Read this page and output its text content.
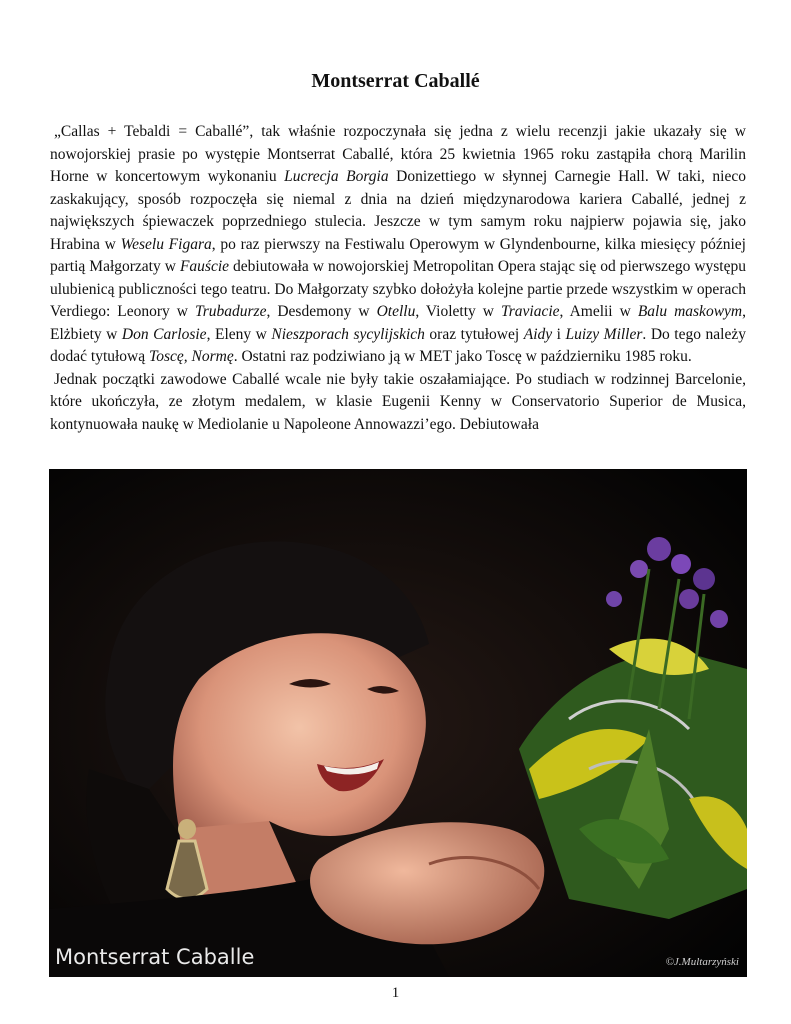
Montserrat Caballé

„Callas + Tebaldi = Caballé”, tak właśnie rozpoczynała się jedna z wielu recenzji jakie ukazały się w nowojorskiej prasie po występie Montserrat Caballé, która 25 kwietnia 1965 roku zastąpiła chorą Marilin Horne w koncertowym wykonaniu Lucrecja Borgia Donizettiego w słynnej Carnegie Hall. W taki, nieco zaskakujący, sposób rozpoczęła się niemal z dnia na dzień międzynarodowa kariera Caballé, jednej z największych śpiewaczek poprzedniego stulecia. Jeszcze w tym samym roku najpierw pojawia się, jako Hrabina w Weselu Figara, po raz pierwszy na Festiwalu Operowym w Glyndenbourne, kilka miesięcy później partią Małgorzaty w Fauście debiutowała w nowojorskiej Metropolitan Opera stając się od pierwszego występu ulubienicą publiczności tego teatru. Do Małgorzaty szybko dołożyła kolejne partie przede wszystkim w operach Verdiego: Leonory w Trubadurze, Desdemony w Otellu, Violetty w Traviacie, Amelii w Balu maskowym, Elżbiety w Don Carlosie, Eleny w Nieszporach sycylijskich oraz tytułowej Aidy i Luizy Miller. Do tego należy dodać tytułową Toscę, Normę. Ostatni raz podziwiano ją w MET jako Toscę w październiku 1985 roku.

Jednak początki zawodowe Caballé wcale nie były takie oszałamiające. Po studiach w rodzinnej Barcelonie, które ukończyła, ze złotym medalem, w klasie Eugenii Kenny w Conservatorio Superior de Musica, kontynuowała naukę w Mediolanie u Napoleone Annowazzi’ego. Debiutowała

Montserrat Caballe	©J.Multarzyński
1
